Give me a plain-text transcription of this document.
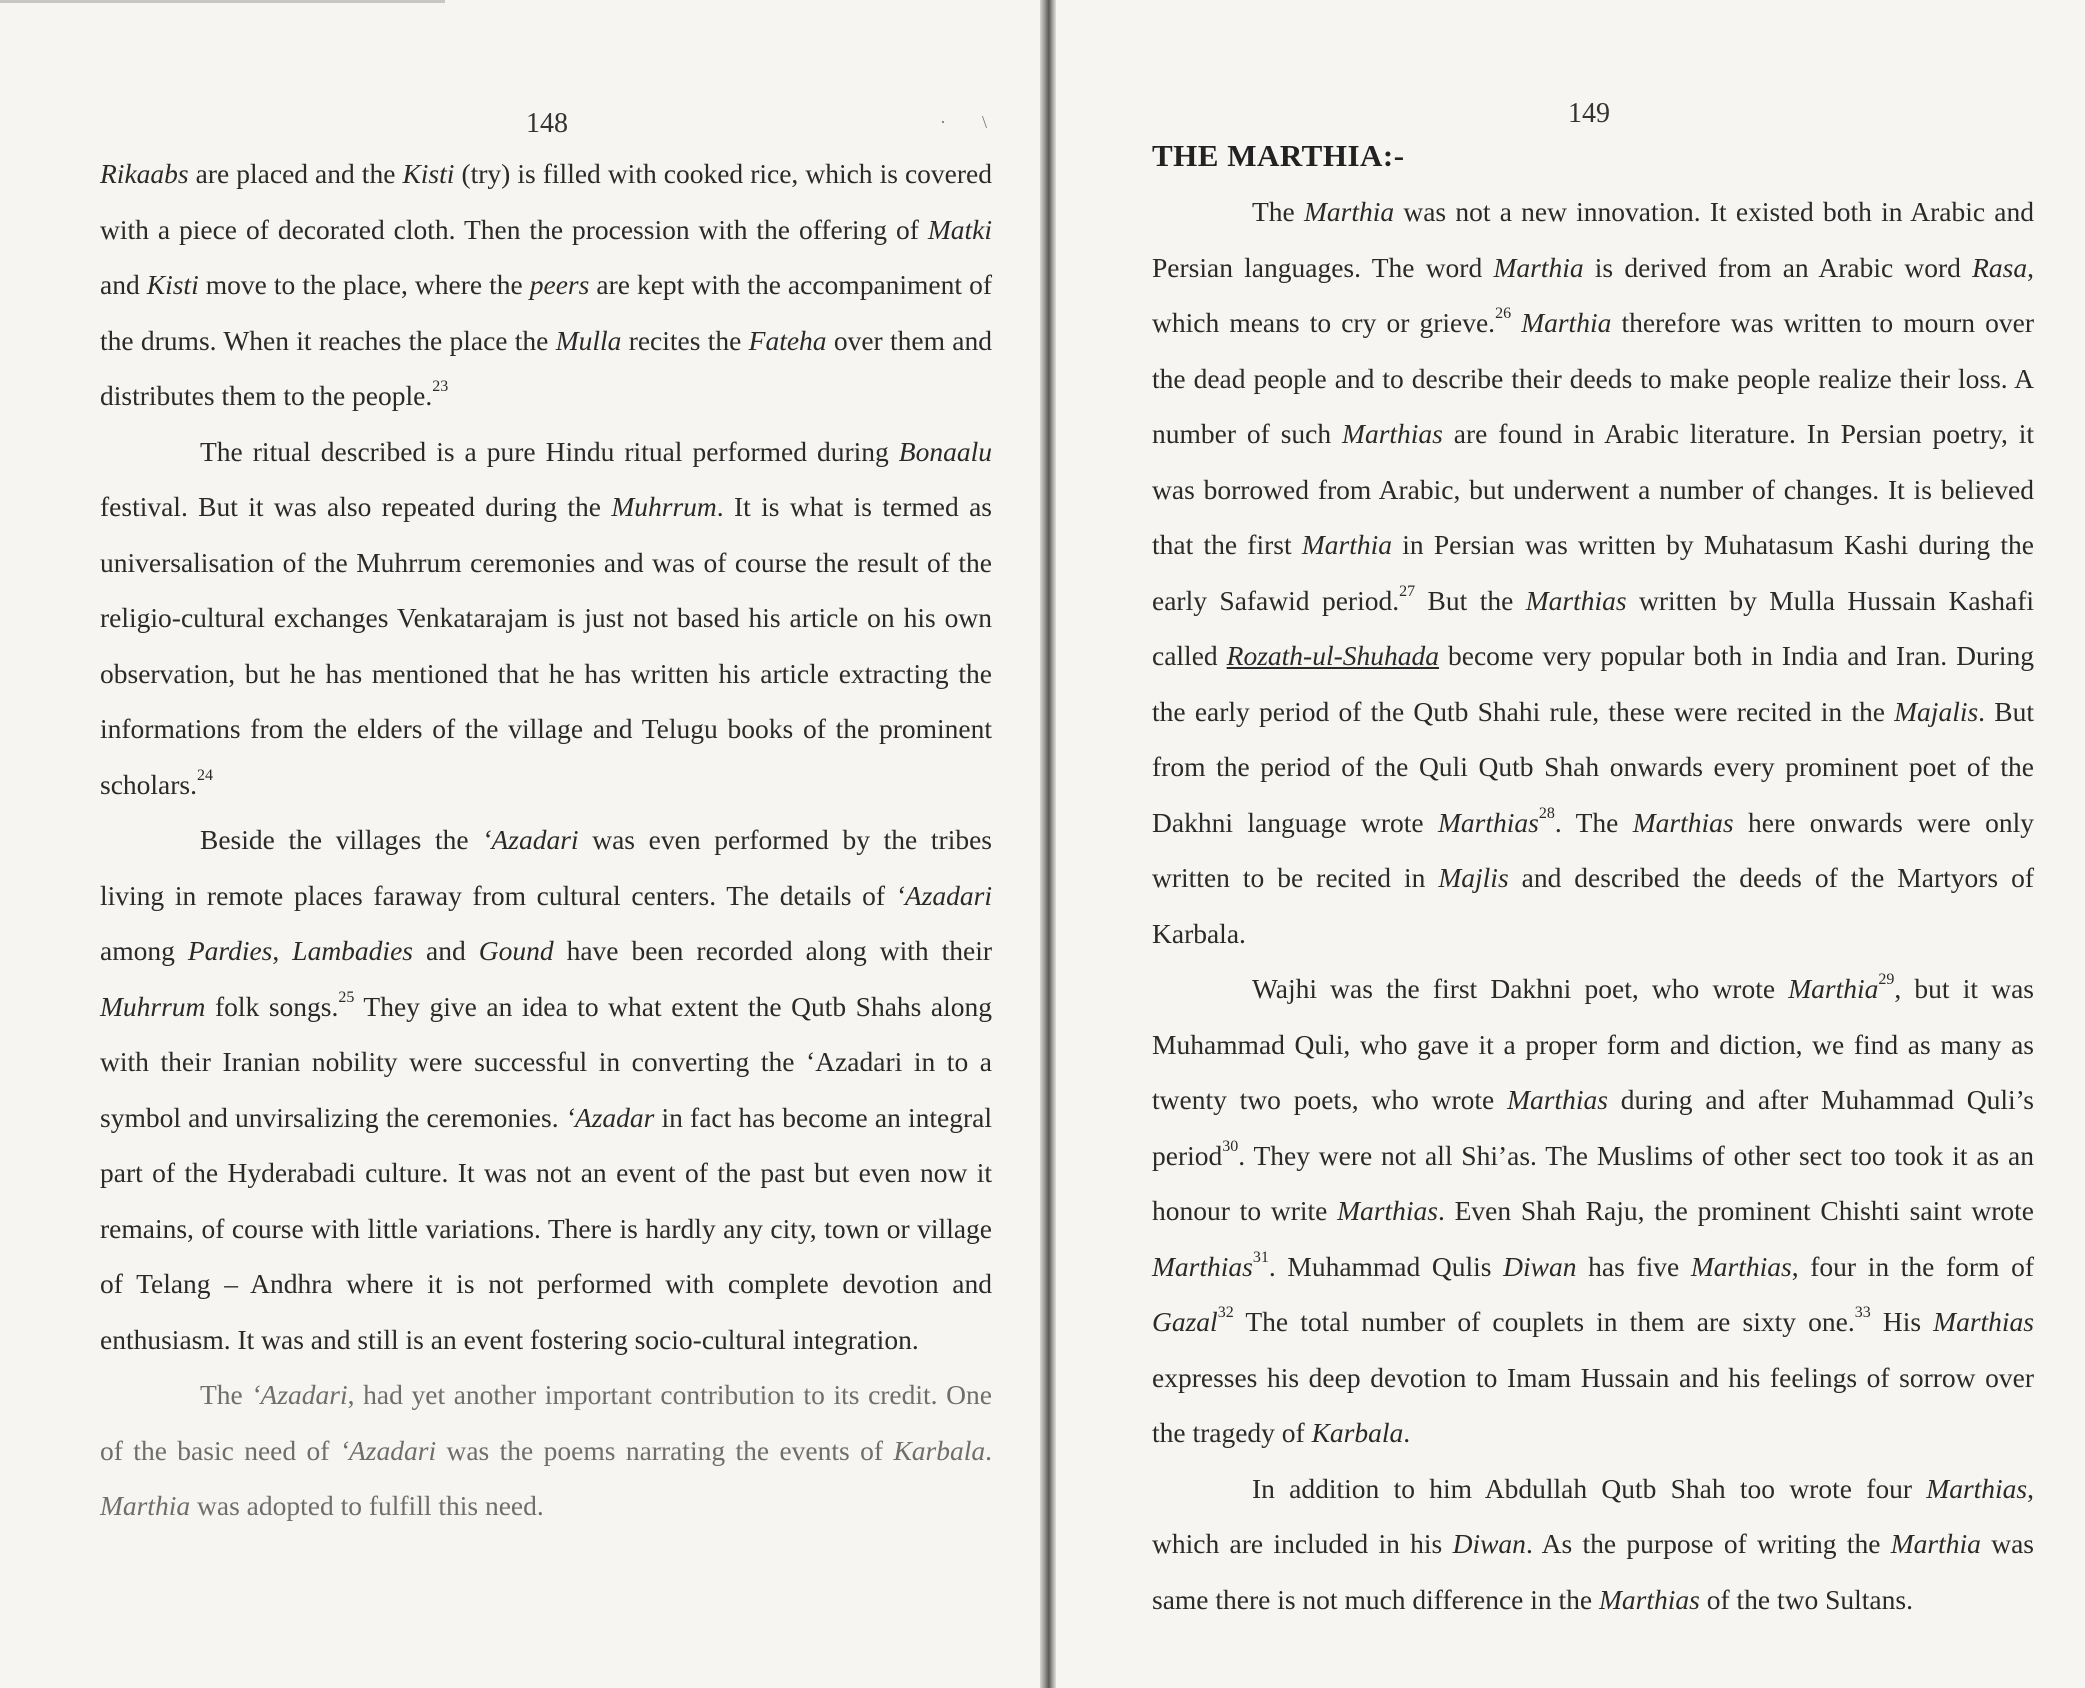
148	·        \

Rikaabs are placed and the Kisti (try) is filled with cooked rice, which is covered with a piece of decorated cloth. Then the procession with the offering of Matki and Kisti move to the place, where the peers are kept with the accompaniment of the drums. When it reaches the place the Mulla recites the Fateha over them and distributes them to the people.$^{23}$

The ritual described is a pure Hindu ritual performed during Bonaalu festival. But it was also repeated during the Muhrrum. It is what is termed as universalisation of the Muhrrum ceremonies and was of course the result of the religio-cultural exchanges Venkatarajam is just not based his article on his own observation, but he has mentioned that he has written his article extracting the informations from the elders of the village and Telugu books of the prominent scholars.$^{24}$

Beside the villages the ‘Azadari was even performed by the tribes living in remote places faraway from cultural centers. The details of ‘Azadari among Pardies, Lambadies and Gound have been recorded along with their Muhrrum folk songs.$^{25}$ They give an idea to what extent the Qutb Shahs along with their Iranian nobility were successful in converting the ‘Azadari in to a symbol and unvirsalizing the ceremonies. ‘Azadar in fact has become an integral part of the Hyderabadi culture. It was not an event of the past but even now it remains, of course with little variations. There is hardly any city, town or village of Telang – Andhra where it is not performed with complete devotion and enthusiasm. It was and still is an event fostering socio-cultural integration.

The ‘Azadari, had yet another important contribution to its credit. One of the basic need of ‘Azadari was the poems narrating the events of Karbala. Marthia was adopted to fulfill this need.

149
THE MARTHIA:-

The Marthia was not a new innovation. It existed both in Arabic and Persian languages. The word Marthia is derived from an Arabic word Rasa, which means to cry or grieve.$^{26}$ Marthia therefore was written to mourn over the dead people and to describe their deeds to make people realize their loss. A number of such Marthias are found in Arabic literature. In Persian poetry, it was borrowed from Arabic, but underwent a number of changes. It is believed that the first Marthia in Persian was written by Muhatasum Kashi during the early Safawid period.$^{27}$ But the Marthias written by Mulla Hussain Kashafi called Rozath-ul-Shuhada become very popular both in India and Iran. During the early period of the Qutb Shahi rule, these were recited in the Majalis. But from the period of the Quli Qutb Shah onwards every prominent poet of the Dakhni language wrote Marthias$^{28}$. The Marthias here onwards were only written to be recited in Majlis and described the deeds of the Martyors of Karbala.

Wajhi was the first Dakhni poet, who wrote Marthia$^{29}$, but it was Muhammad Quli, who gave it a proper form and diction, we find as many as twenty two poets, who wrote Marthias during and after Muhammad Quli’s period$^{30}$. They were not all Shi’as. The Muslims of other sect too took it as an honour to write Marthias. Even Shah Raju, the prominent Chishti saint wrote Marthias$^{31}$. Muhammad Qulis Diwan has five Marthias, four in the form of Gazal$^{32}$ The total number of couplets in them are sixty one.$^{33}$ His Marthias expresses his deep devotion to Imam Hussain and his feelings of sorrow over the tragedy of Karbala.

In addition to him Abdullah Qutb Shah too wrote four Marthias, which are included in his Diwan. As the purpose of writing the Marthia was same there is not much difference in the Marthias of the two Sultans.
